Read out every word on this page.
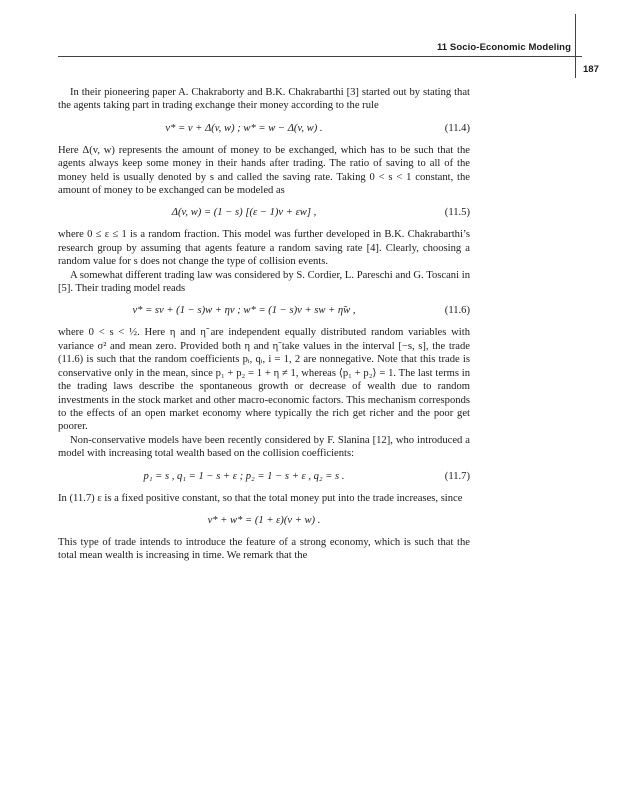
11 Socio-Economic Modeling
187

In their pioneering paper A. Chakraborty and B.K. Chakrabarthi [3] started out by stating that the agents taking part in trading exchange their money according to the rule

v* = v + Δ(v, w) ; w* = w − Δ(v, w) .	(11.4)

Here Δ(v, w) represents the amount of money to be exchanged, which has to be such that the agents always keep some money in their hands after trading. The ratio of saving to all of the money held is usually denoted by s and called the saving rate. Taking 0 < s < 1 constant, the amount of money to be exchanged can be modeled as

Δ(v, w) = (1 − s) [(ε − 1)v + εw] ,	(11.5)

where 0 ≤ ε ≤ 1 is a random fraction. This model was further developed in B.K. Chakrabarthi’s research group by assuming that agents feature a random saving rate [4]. Clearly, choosing a random value for s does not change the type of collision events.

A somewhat different trading law was considered by S. Cordier, L. Pareschi and G. Toscani in [5]. Their trading model reads

v* = sv + (1 − s)w + ηv ; w* = (1 − s)v + sw + η̃w ,	(11.6)

where 0 < s < ½. Here η and η̃ are independent equally distributed random variables with variance σ² and mean zero. Provided both η and η̃ take values in the interval [−s, s], the trade (11.6) is such that the random coefficients pᵢ, qᵢ, i = 1, 2 are nonnegative. Note that this trade is conservative only in the mean, since p₁ + p₂ = 1 + η ≠ 1, whereas ⟨p₁ + p₂⟩ = 1. The last terms in the trading laws describe the spontaneous growth or decrease of wealth due to random investments in the stock market and other macro-economic factors. This mechanism corresponds to the effects of an open market economy where typically the rich get richer and the poor get poorer.

Non-conservative models have been recently considered by F. Slanina [12], who introduced a model with increasing total wealth based on the collision coefficients:

p₁ = s , q₁ = 1 − s + ε ; p₂ = 1 − s + ε , q₂ = s .	(11.7)

In (11.7) ε is a fixed positive constant, so that the total money put into the trade increases, since

v* + w* = (1 + ε)(v + w) .

This type of trade intends to introduce the feature of a strong economy, which is such that the total mean wealth is increasing in time. We remark that the
